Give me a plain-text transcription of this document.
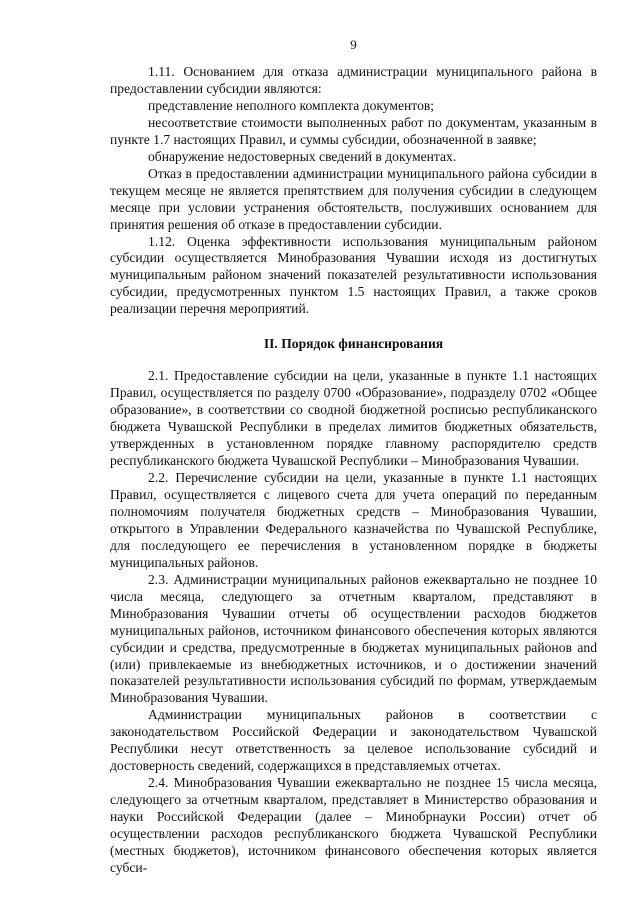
9

1.11. Основанием для отказа администрации муниципального района в предоставлении субсидии являются:

представление неполного комплекта документов;

несоответствие стоимости выполненных работ по документам, указанным в пункте 1.7 настоящих Правил, и суммы субсидии, обозначенной в заявке;

обнаружение недостоверных сведений в документах.

Отказ в предоставлении администрации муниципального района субсидии в текущем месяце не является препятствием для получения субсидии в следующем месяце при условии устранения обстоятельств, послуживших основанием для принятия решения об отказе в предоставлении субсидии.

1.12. Оценка эффективности использования муниципальным районом субсидии осуществляется Минобразования Чувашии исходя из достигнутых муниципальным районом значений показателей результативности использования субсидии, предусмотренных пунктом 1.5 настоящих Правил, а также сроков реализации перечня мероприятий.

II. Порядок финансирования

2.1. Предоставление субсидии на цели, указанные в пункте 1.1 настоящих Правил, осуществляется по разделу 0700 «Образование», подразделу 0702 «Общее образование», в соответствии со сводной бюджетной росписью республиканского бюджета Чувашской Республики в пределах лимитов бюджетных обязательств, утвержденных в установленном порядке главному распорядителю средств республиканского бюджета Чувашской Республики – Минобразования Чувашии.

2.2. Перечисление субсидии на цели, указанные в пункте 1.1 настоящих Правил, осуществляется с лицевого счета для учета операций по переданным полномочиям получателя бюджетных средств – Минобразования Чувашии, открытого в Управлении Федерального казначейства по Чувашской Республике, для последующего ее перечисления в установленном порядке в бюджеты муниципальных районов.

2.3. Администрации муниципальных районов ежеквартально не позднее 10 числа месяца, следующего за отчетным кварталом, представляют в Минобразования Чувашии отчеты об осуществлении расходов бюджетов муниципальных районов, источником финансового обеспечения которых являются субсидии и средства, предусмотренные в бюджетах муниципальных районов and (или) привлекаемые из внебюджетных источников, и о достижении значений показателей результативности использования субсидий по формам, утверждаемым Минобразования Чувашии.

Администрации муниципальных районов в соответствии с законодательством Российской Федерации и законодательством Чувашской Республики несут ответственность за целевое использование субсидий и достоверность сведений, содержащихся в представляемых отчетах.

2.4. Минобразования Чувашии ежеквартально не позднее 15 числа месяца, следующего за отчетным кварталом, представляет в Министерство образования и науки Российской Федерации (далее – Минобрнауки России) отчет об осуществлении расходов республиканского бюджета Чувашской Республики (местных бюджетов), источником финансового обеспечения которых является субси-
